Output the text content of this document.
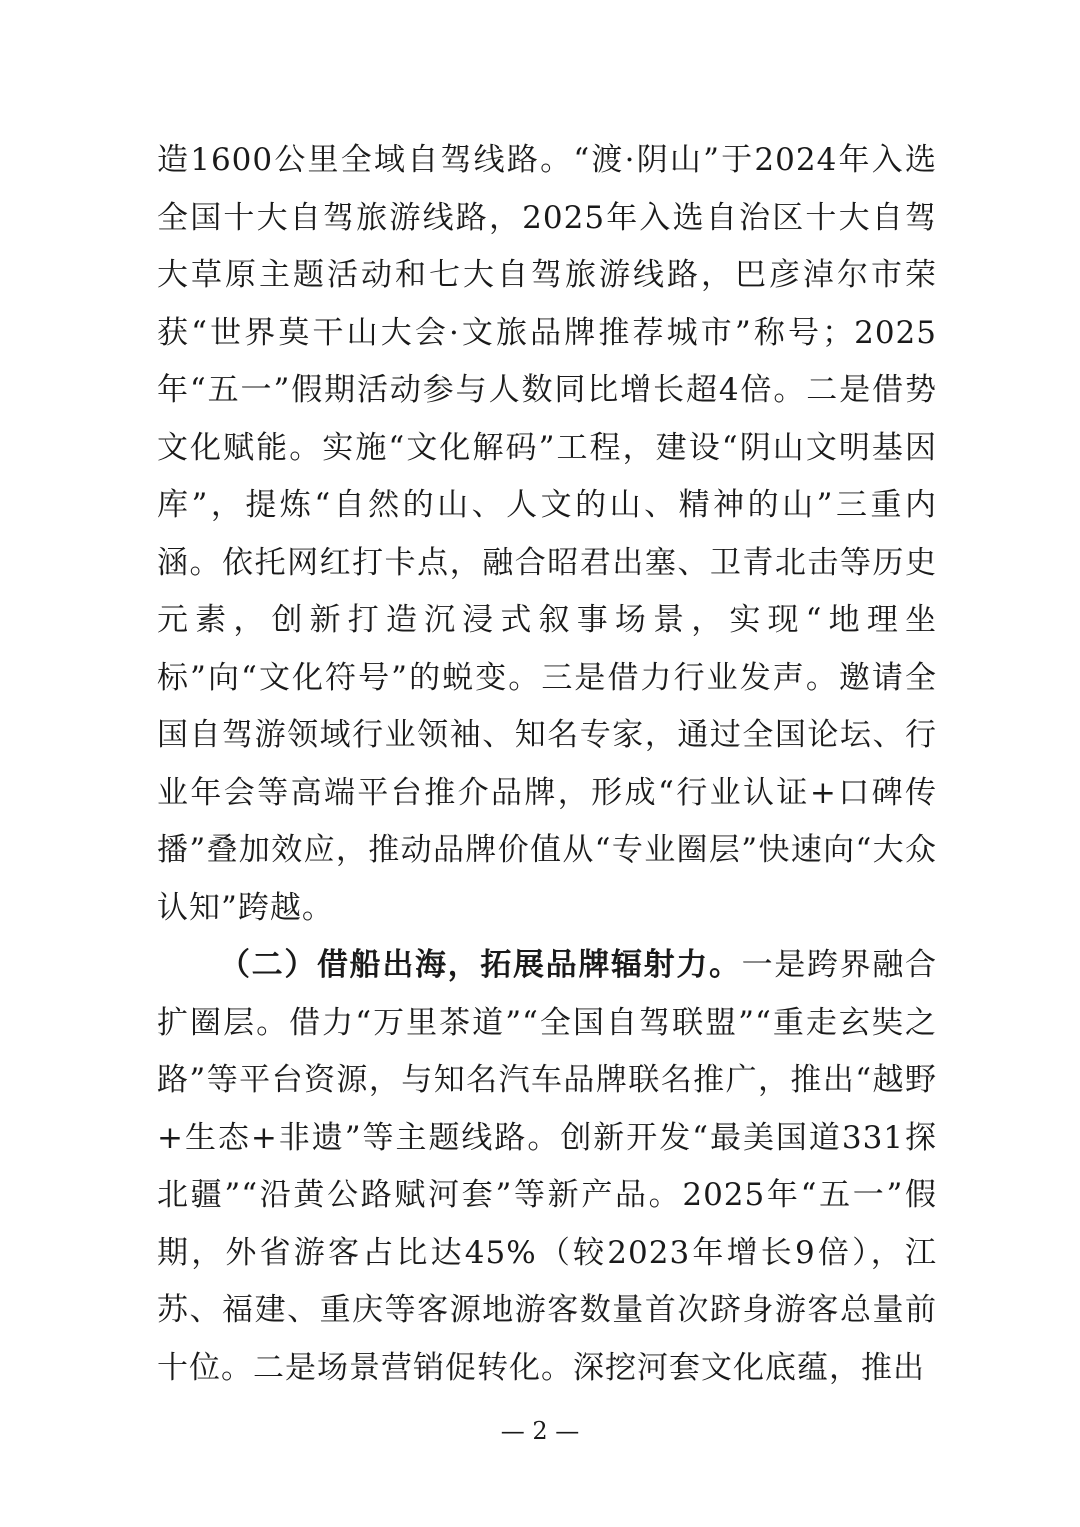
造1600公里全域自驾线路。“渡·阴山”于2024年入选全国十大自驾旅游线路，2025年入选自治区十大自驾大草原主题活动和七大自驾旅游线路，巴彦淖尔市荣获“世界莫干山大会·文旅品牌推荐城市”称号；2025年“五一”假期活动参与人数同比增长超4倍。二是借势文化赋能。实施“文化解码”工程，建设“阴山文明基因库”，提炼“自然的山、人文的山、精神的山”三重内涵。依托网红打卡点，融合昭君出塞、卫青北击等历史元素，创新打造沉浸式叙事场景，实现“地理坐标”向“文化符号”的蜕变。三是借力行业发声。邀请全国自驾游领域行业领袖、知名专家，通过全国论坛、行业年会等高端平台推介品牌，形成“行业认证+口碑传播”叠加效应，推动品牌价值从“专业圈层”快速向“大众认知”跨越。

（二）借船出海，拓展品牌辐射力。一是跨界融合扩圈层。借力“万里茶道”“全国自驾联盟”“重走玄奘之路”等平台资源，与知名汽车品牌联名推广，推出“越野+生态+非遗”等主题线路。创新开发“最美国道331探北疆”“沿黄公路赋河套”等新产品。2025年“五一”假期，外省游客占比达45%（较2023年增长9倍），江苏、福建、重庆等客源地游客数量首次跻身游客总量前十位。二是场景营销促转化。深挖河套文化底蕴，推出

— 2 —
